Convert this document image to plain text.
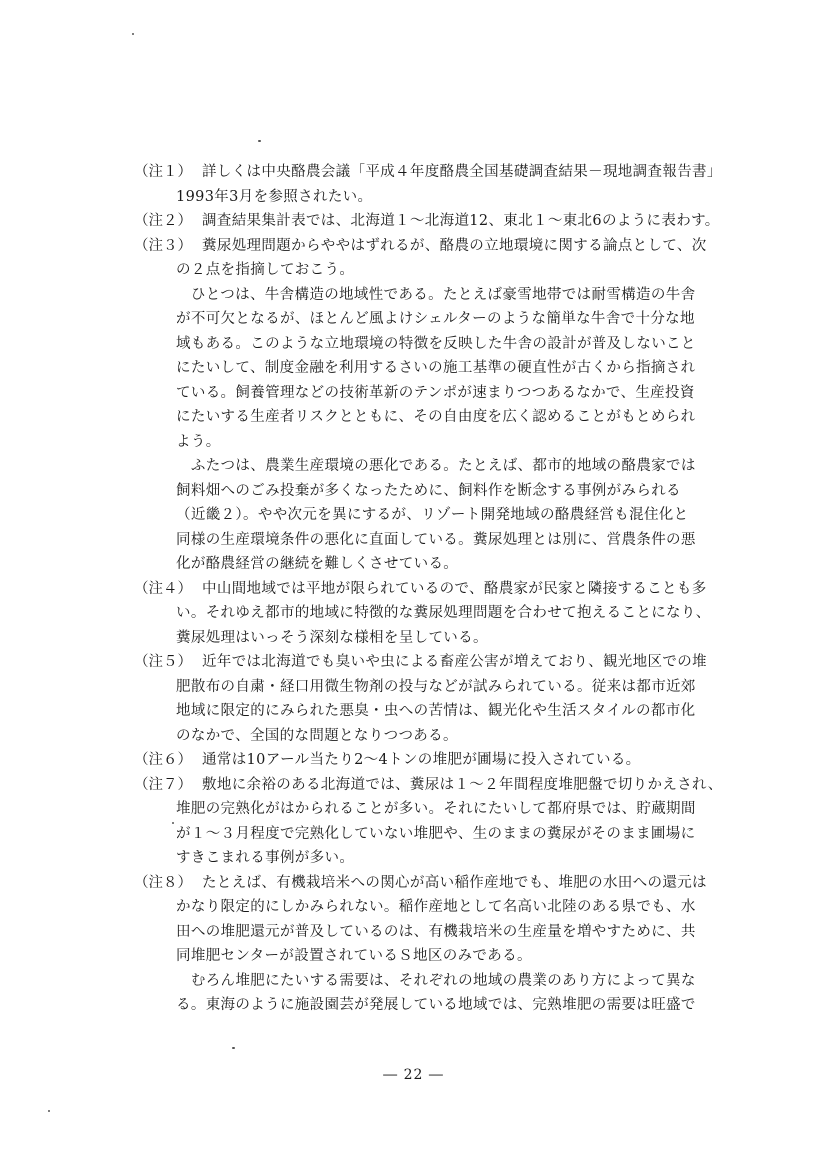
（注１） 詳しくは中央酪農会議「平成４年度酪農全国基礎調査結果－現地調査報告書」
1993年3月を参照されたい。
（注２） 調査結果集計表では、北海道１～北海道12、東北１～東北6のように表わす。
（注３） 糞尿処理問題からややはずれるが、酪農の立地環境に関する論点として、次
の２点を指摘しておこう。
　ひとつは、牛舎構造の地域性である。たとえば豪雪地帯では耐雪構造の牛舎
が不可欠となるが、ほとんど風よけシェルターのような簡単な牛舎で十分な地
域もある。このような立地環境の特徴を反映した牛舎の設計が普及しないこと
にたいして、制度金融を利用するさいの施工基準の硬直性が古くから指摘され
ている。飼養管理などの技術革新のテンポが速まりつつあるなかで、生産投資
にたいする生産者リスクとともに、その自由度を広く認めることがもとめられ
よう。
　ふたつは、農業生産環境の悪化である。たとえば、都市的地域の酪農家では
飼料畑へのごみ投棄が多くなったために、飼料作を断念する事例がみられる
（近畿２）。やや次元を異にするが、リゾート開発地域の酪農経営も混住化と
同様の生産環境条件の悪化に直面している。糞尿処理とは別に、営農条件の悪
化が酪農経営の継続を難しくさせている。
（注４） 中山間地域では平地が限られているので、酪農家が民家と隣接することも多
い。それゆえ都市的地域に特徴的な糞尿処理問題を合わせて抱えることになり、
糞尿処理はいっそう深刻な様相を呈している。
（注５） 近年では北海道でも臭いや虫による畜産公害が増えており、観光地区での堆
肥散布の自粛・経口用微生物剤の投与などが試みられている。従来は都市近郊
地域に限定的にみられた悪臭・虫への苦情は、観光化や生活スタイルの都市化
のなかで、全国的な問題となりつつある。
（注６） 通常は10アール当たり2～4トンの堆肥が圃場に投入されている。
（注７） 敷地に余裕のある北海道では、糞尿は１～２年間程度堆肥盤で切りかえされ、
堆肥の完熟化がはかられることが多い。それにたいして都府県では、貯蔵期間
が１～３月程度で完熟化していない堆肥や、生のままの糞尿がそのまま圃場に
すきこまれる事例が多い。
（注８） たとえば、有機栽培米への関心が高い稲作産地でも、堆肥の水田への還元は
かなり限定的にしかみられない。稲作産地として名高い北陸のある県でも、水
田への堆肥還元が普及しているのは、有機栽培米の生産量を増やすために、共
同堆肥センターが設置されているＳ地区のみである。
　むろん堆肥にたいする需要は、それぞれの地域の農業のあり方によって異な
る。東海のように施設園芸が発展している地域では、完熟堆肥の需要は旺盛で
― 22 ―
